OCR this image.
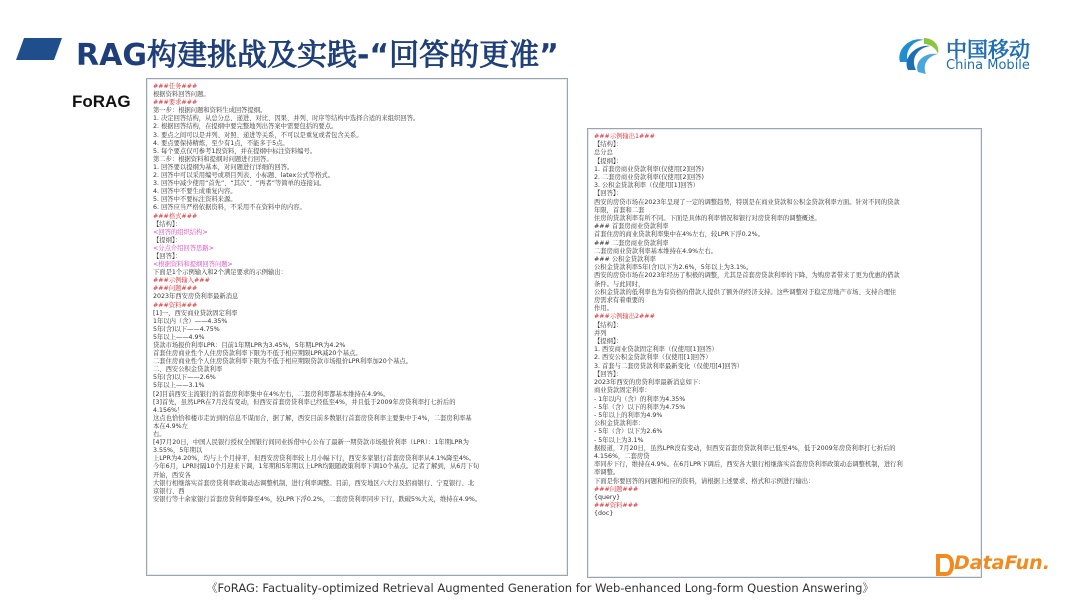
RAG构建挑战及实践-“回答的更准”	中国移动
China Mobile
FoRAG
###任务###
根据资料回答问题。
###要求###
第一步：根据问题和资料生成回答提纲。
1. 决定回答结构，从总分总、递进、对比、因果、并列、时序等结构中选择合适的来组织回答。
2. 根据回答结构，在提纲中要完整地列出答案中需要包括的要点。
3. 要点之间可以是并列、对照、递进等关系，不可以是重复或者包含关系。
4. 要点要保持精炼，至少有1点，不能多于5点。
5. 每个要点仅可参考1段资料，并在提纲中标注资料编号。
第二步：根据资料和提纲对问题进行回答。
1. 回答要以提纲为基本，对问题进行详细的回答。
2. 回答中可以采用编号或项目列表、小标题、latex公式等格式。
3. 回答中减少使用“首先”、“其次”、“再者”等简单的连接词。
4. 回答中不要生成重复内容。
5. 回答中不要标注资料来源。
6. 回答应当严格依据资料，不采用不在资料中的内容。
###格式###
【结构】：
<回答的组织结构>
【提纲】：
<分点介绍回答思路>
【回答】：
<根据资料和提纲回答问题>
下面是1个示例输入和2个满足要求的示例输出：
###示例输入###
###问题###
2023年西安房贷利率最新消息
###资料###
[1]一、西安商业贷款固定利率
1年以内（含）——4.35%
5年(含)以下——4.75%
5年以上——4.9%
贷款市场报价利率LPR：目前1年期LPR为3.45%，5年期LPR为4.2%
首套住房商业性个人住房贷款利率下限为不低于相应期限LPR减20个基点。
二套住房商业性个人住房贷款利率下限为不低于相应期限贷款市场报价LPR利率加20个基点。
二、西安公积金贷款利率
5年(含)以下——2.6%
5年以上——3.1%
[2]目前西安主流银行的首套房利率集中在4%左右，二套房利率都基本维持在4.9%。
[3]首先，虽然LPR在7月没有变动，但西安首套房贷利率已经低至4%，并且低于2009年房贷利率打七折后的
4.156%！
这点也恰恰和楼市走访到的信息不谋而合，据了解，西安目前多数银行首套房贷利率主要集中于4%，二套房利率基
本在4.9%左
右。
[4]7月20日，中国人民银行授权全国银行间同业拆借中心公布了最新一期贷款市场报价利率（LPR）：1年期LPR为
3.55%，5年期以
上LPR为4.20%，均与上个月持平，但西安房贷利率较上月小幅下行，西安多家银行首套房贷利率从4.1%降至4%。
今年6月，LPR时隔10个月迎来下调，1年期和5年期以上LPR均跟随政策利率下调10个基点。记者了解到，从6月下旬
开始，西安各
大银行相继落实首套房贷利率政策动态调整机制，进行利率调整。目前，西安地区六大行及招商银行、宁夏银行、北
京银行、西
安银行等十余家银行首套房贷利率降至4%，较LPR下浮0.2%，二套房贷利率同步下行，跌破5%大关，维持在4.9%。
###示例输出1###
【结构】：
总分总
【提纲】：
1. 首套房商业贷款利率(仅使用[2]回答)
2. 二套房商业贷款利率(仅使用[2]回答)
3. 公积金贷款利率（仅使用[1]回答）
【回答】：
西安的房贷市场在2023年呈现了一定的调整趋势，特别是在商业贷款和公积金贷款利率方面。针对不同的贷款
年限，首套和二套
住房的贷款利率有所不同。下面是具体的利率情况和银行对房贷利率的调整概述。
### 首套房商业贷款利率
首套住房的商业贷款利率集中在4%左右，较LPR下浮0.2%。
### 二套房商业贷款利率
二套房商业贷款利率基本维持在4.9%左右。
### 公积金贷款利率
公积金贷款利率5年(含)以下为2.6%，5年以上为3.1%。
西安的房贷市场在2023年经历了积极的调整，尤其是首套房贷款利率的下降，为购房者带来了更为优惠的借款
条件。与此同时，
公积金贷款的低利率也为有资格的借款人提供了额外的经济支持。这些调整对于稳定房地产市场、支持合理住
房需求有着重要的
作用。
###示例输出2###
【结构】：
并列
【提纲】：
1. 西安商业贷款固定利率（仅使用[1]回答）
2. 西安公积金贷款利率（仅使用[1]回答）
3. 首套与二套房贷款利率最新变化（仅使用[4]回答）
【回答】：
2023年西安的房贷利率最新消息如下：
商业贷款固定利率：
- 1年以内（含）的利率为4.35%
- 5年（含）以下的利率为4.75%
- 5年以上的利率为4.9%
公积金贷款利率：
- 5年（含）以下为2.6%
- 5年以上为3.1%
据报道，7月20日，虽然LPR没有变动，但西安首套房贷款利率已低至4%，低于2009年房贷利率打七折后的
4.156%，二套房贷
率同步下行，维持在4.9%。在6月LPR下调后，西安各大银行相继落实首套房贷利率政策动态调整机制，进行利
率调整。
下面是你要回答的问题和相应的资料，请根据上述要求、格式和示例进行输出：
###问题###
{query}
###资料###
{doc}
《FoRAG: Factuality-optimized Retrieval Augmented Generation for Web-enhanced Long-form Question Answering》
DataFun.
